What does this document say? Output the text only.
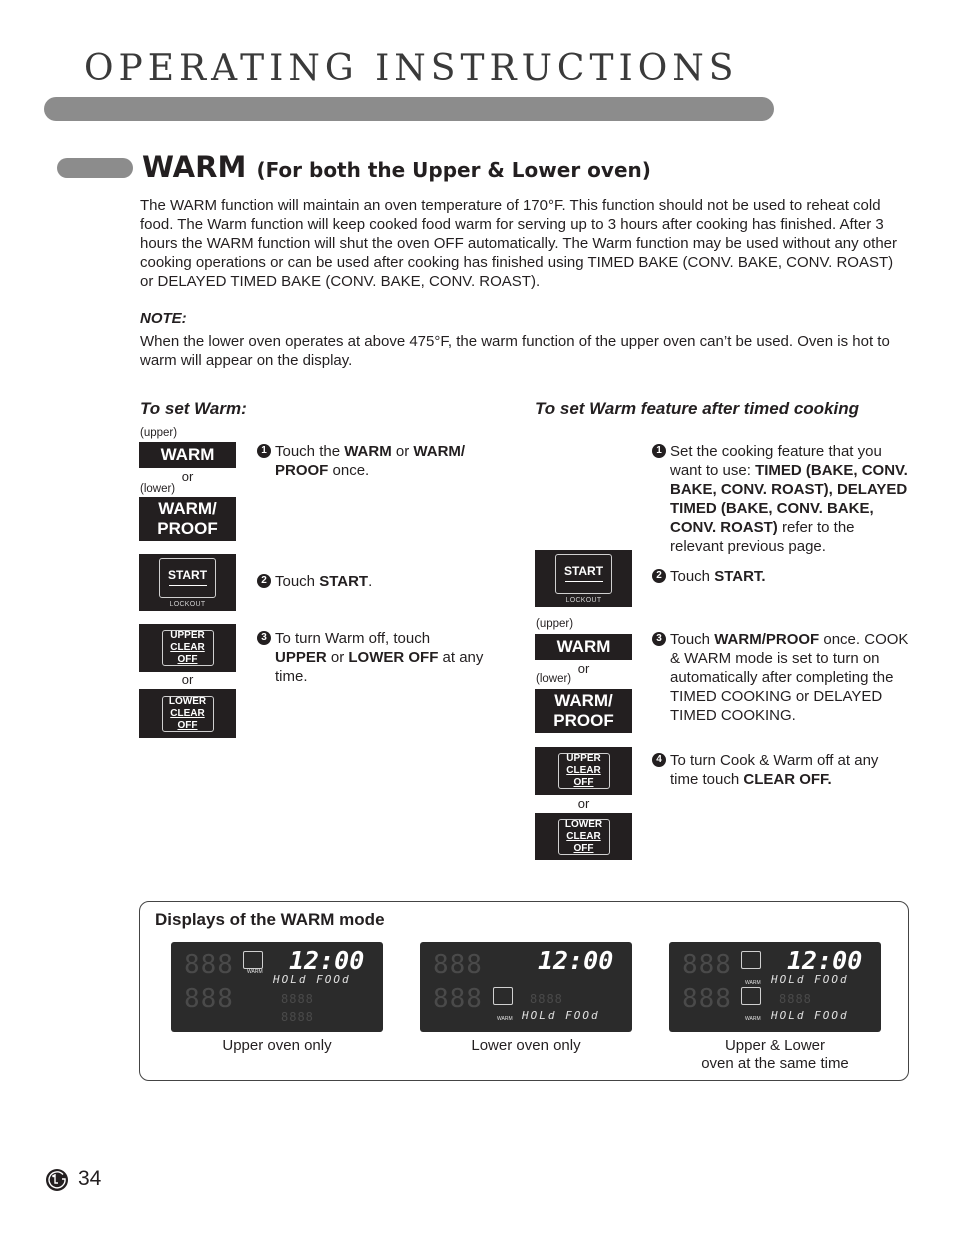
OPERATING INSTRUCTIONS
WARM (For both the Upper & Lower oven)
The WARM function will maintain an oven temperature of 170°F. This function should not be used to reheat cold food. The Warm function will keep cooked food warm for serving up to 3 hours after cooking has finished. After 3 hours the WARM function will shut the oven OFF automatically. The Warm function may be used without any other cooking operations or can be used after cooking has finished using TIMED BAKE (CONV. BAKE, CONV. ROAST) or DELAYED TIMED BAKE (CONV. BAKE, CONV. ROAST).
NOTE:
When the lower oven operates at above 475°F, the warm function of the upper oven can’t be used. Oven is hot to warm will appear on the display.
To set Warm:
(upper)
WARM
or
(lower)
WARM/
PROOF
START
LOCKOUT
UPPER
CLEAR OFF
or
LOWER
CLEAR OFF
1 Touch the WARM or WARM/
PROOF once.
2 Touch START.
3 To turn Warm off, touch
UPPER or LOWER OFF at any time.
To set Warm feature after timed cooking
START
LOCKOUT
(upper)
WARM
or
(lower)
WARM/
PROOF
UPPER
CLEAR OFF
or
LOWER
CLEAR OFF
1 Set the cooking feature that you want to use: TIMED (BAKE, CONV. BAKE, CONV. ROAST), DELAYED TIMED (BAKE, CONV. BAKE, CONV. ROAST) refer to the relevant previous page.
2 Touch START.
3 Touch WARM/PROOF once. COOK & WARM mode is set to turn on automatically after completing the TIMED COOKING or DELAYED TIMED COOKING.
4 To turn Cook & Warm off at any time touch CLEAR OFF.
Displays of the WARM mode
888
888
WARM 12:00
HOLd FOOd
8888
8888
Upper oven only
888
888
WARM
12:00
8888
HOLd FOOd
Lower oven only
888
888
WARM
WARM
12:00
HOLd FOOd
8888
HOLd FOOd
Upper & Lower
oven at the same time
34
